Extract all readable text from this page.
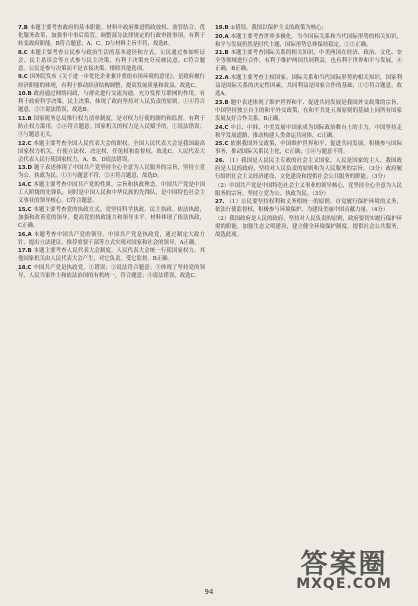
7.B 本题主要考查政府的基本职能。材料中政府推进简政放权、放管结合、优化服务改革，加强事中事后监管，调整部分法律规定的行政审批事项，有利于转变政府职能。B符合题意。A、C、D与材料主旨不符，故选B。

8.C 本题主要考查公民参与政治生活的基本途径和方式。公民通过参加听证会、民主恳谈会等方式参与民主决策，有利于决策充分反映民意，C符合题意。公民是参与决策而不是直接决策，排除其他选项。

9.C 国务院发布《关于进一步优化企业兼并重组市场环境的意见》，是政府履行经济职能的体现，有利于推动经济结构调整，提高发展质量和效益。故选C。

10.B 政府通过网络问政，与群众进行交流沟通，充分发挥互联网的作用，有利于政府科学决策，民主决策，体现了政府坚持对人民负责的原则。①④符合题意，②③说法错误，故选B。

11.B 国家税务总局推行权力清单制度，是对权力行使的制约和监督，有利于防止权力滥用，②④符合题意。国家机关的权力是人民赋予的，①说法错误；③与题意无关。

12.C 本题主要考查全国人民代表大会的职权。全国人民代表大会是我国最高国家权力机关，行使立法权、决定权、任免权和监督权，故选C。人民代表大会代表人民行使国家权力，A、B、D说法错误。

13.D 题干表述体现了中国共产党坚持全心全意为人民服务的宗旨，坚持立党为公、执政为民。①③与题意不符，②④符合题意，故选D。

14.C 本题主要考查中国共产党的性质、宗旨和执政理念。中国共产党是中国工人阶级的先锋队，同时是中国人民和中华民族的先锋队，是中国特色社会主义事业的领导核心，C符合题意。

15.C 本题主要考查党的执政方式。党坚持科学执政、民主执政、依法执政，加强和改善党的领导，提高党的执政能力和领导水平。材料体现了依法执政，C正确。

16.A 本题考查中国共产党的领导。中国共产党是执政党，通过制定大政方针、提出立法建议、推荐重要干部等方式实现对国家和社会的领导，A正确。

17.B 本题主要考查人民代表大会制度。人民代表大会统一行使国家权力，其他国家机关由人民代表大会产生，对它负责，受它监督，B正确。

18.C 中国共产党是执政党，①错误；②说法符合题意；③体现了坚持党的领导、人民当家作主和依法治国的有机统一，符合题意；④说法错误，故选C。

19.B ①错误，我国以保护主义的政策为核心；

20.A 本题主要考查世界多极化。当今国际关系和当代国际形势的相关知识，和平与发展仍然是时代主题，国际形势总体保持稳定，①②正确。

21.B 本题主要考查国际关系的相关知识，中美两国在经济、政治、文化、安全等领域进行合作，有利于维护两国共同利益，也有利于世界和平与发展，④正确，B正确。

22.A 本题主要考查主权国家、国际关系和当代国际形势的相关知识，国家利益是国际关系的决定性因素，共同利益是国家合作的基础，①②符合题意，故选A。

23.B 题中表述体现了维护世界和平、促进共同发展是我国外交政策的宗旨，中国坚持独立自主的和平外交政策，在和平共处五项原则的基础上同所有国家发展友好合作关系，B正确。

24.C 中日、中韩、中美发展中国家成为国际政治舞台上的主力，中国坚持走和平发展道路，推动构建人类命运共同体，C正确。

25.C 依据我国外交政策，中国维护世界和平、促进共同发展，积极参与国际事务，推动国际关系民主化，C正确；①④与题意不符。

26. （1）我国是人民民主专政的社会主义国家，人民是国家的主人。我国政府是人民的政府，坚持对人民负责的原则和为人民服务的宗旨。（3分）政府履行组织社会主义经济建设、文化建设和提供社会公共服务的职能。（3分）

（2）中国共产党是中国特色社会主义事业的领导核心，党坚持全心全意为人民服务的宗旨，坚持立党为公、执政为民。（3分）

27. （1）公民要坚持权利和义务相统一的原则，自觉履行保护环境的义务，依法行使监督权，积极参与环境保护，为建设美丽中国贡献力量。（4分）

（2）我国政府是人民的政府，坚持对人民负责的原则，政府要切实履行保护环境的职能，加强生态文明建设，建立健全环境保护制度，提供社会公共服务，故选此项。

94
答案圈
MXQE.COM
